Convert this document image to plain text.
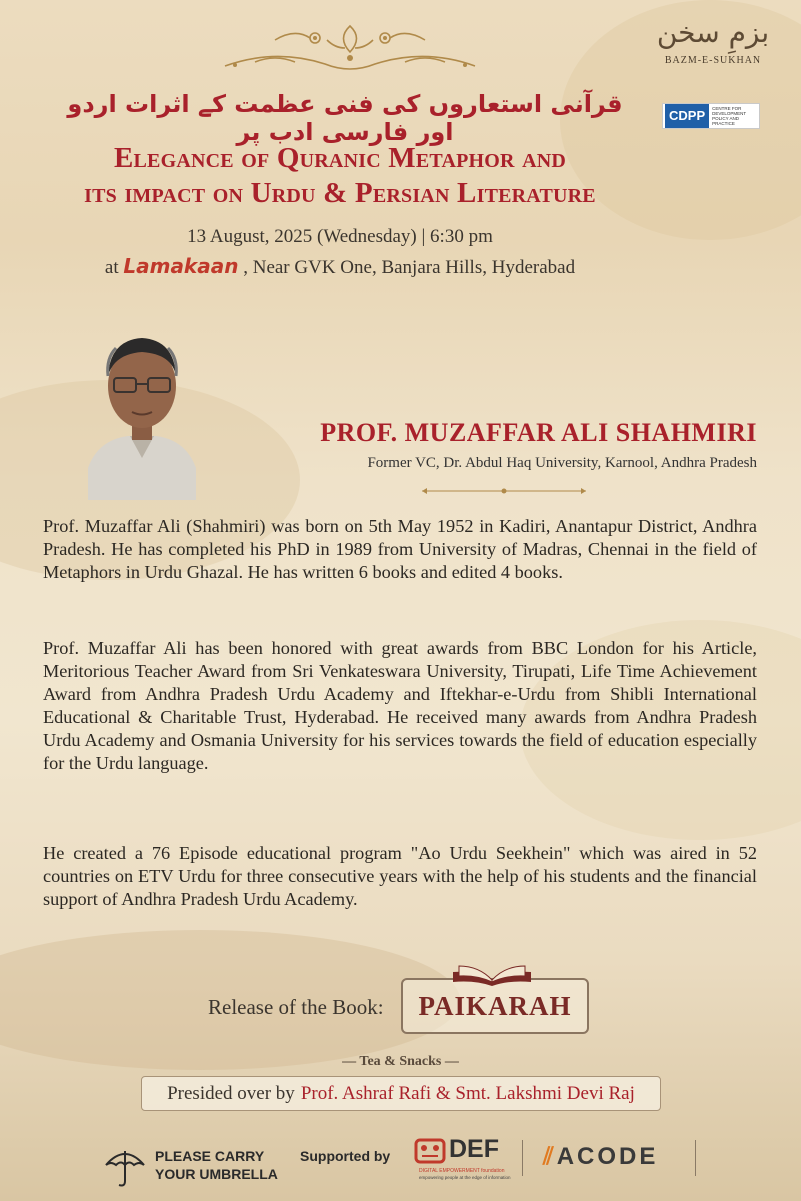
بزمِ سخن
BAZM-E-SUKHAN
CDPP	CENTRE FOR DEVELOPMENT POLICY AND PRACTICE
قرآنی استعاروں کی فنی عظمت کے اثرات اردو اور فارسی ادب پر
Elegance of Quranic Metaphor and
its impact on Urdu & Persian Literature
13 August, 2025 (Wednesday) | 6:30 pm
at Lamakaan , Near GVK One, Banjara Hills, Hyderabad
PROF. MUZAFFAR ALI SHAHMIRI
Former VC, Dr. Abdul Haq University, Karnool, Andhra Pradesh
Prof. Muzaffar Ali (Shahmiri) was born on 5th May 1952 in Kadiri, Anantapur District, Andhra Pradesh. He has completed his PhD in 1989 from University of Madras, Chennai in the field of Metaphors in Urdu Ghazal. He has written 6 books and edited 4 books.
Prof. Muzaffar Ali has been honored with great awards from BBC London for his Article, Meritorious Teacher Award from Sri Venkateswara University, Tirupati, Life Time Achievement Award from Andhra Pradesh Urdu Academy and Iftekhar-e-Urdu from Shibli International Educational & Charitable Trust, Hyderabad. He received many awards from Andhra Pradesh Urdu Academy and Osmania University for his services towards the field of education especially for the Urdu language.
He created a 76 Episode educational program "Ao Urdu Seekhein" which was aired in 52 countries on ETV Urdu for three consecutive years with the help of his students and the financial support of Andhra Pradesh Urdu Academy.
Release of the Book: PAIKARAH
— Tea & Snacks —
Presided over by Prof. Ashraf Rafi & Smt. Lakshmi Devi Raj
PLEASE CARRY
YOUR UMBRELLA
Supported by DEF
DIGITAL EMPOWERMENT foundation
empowering people at the edge of information
⫽ACODE
